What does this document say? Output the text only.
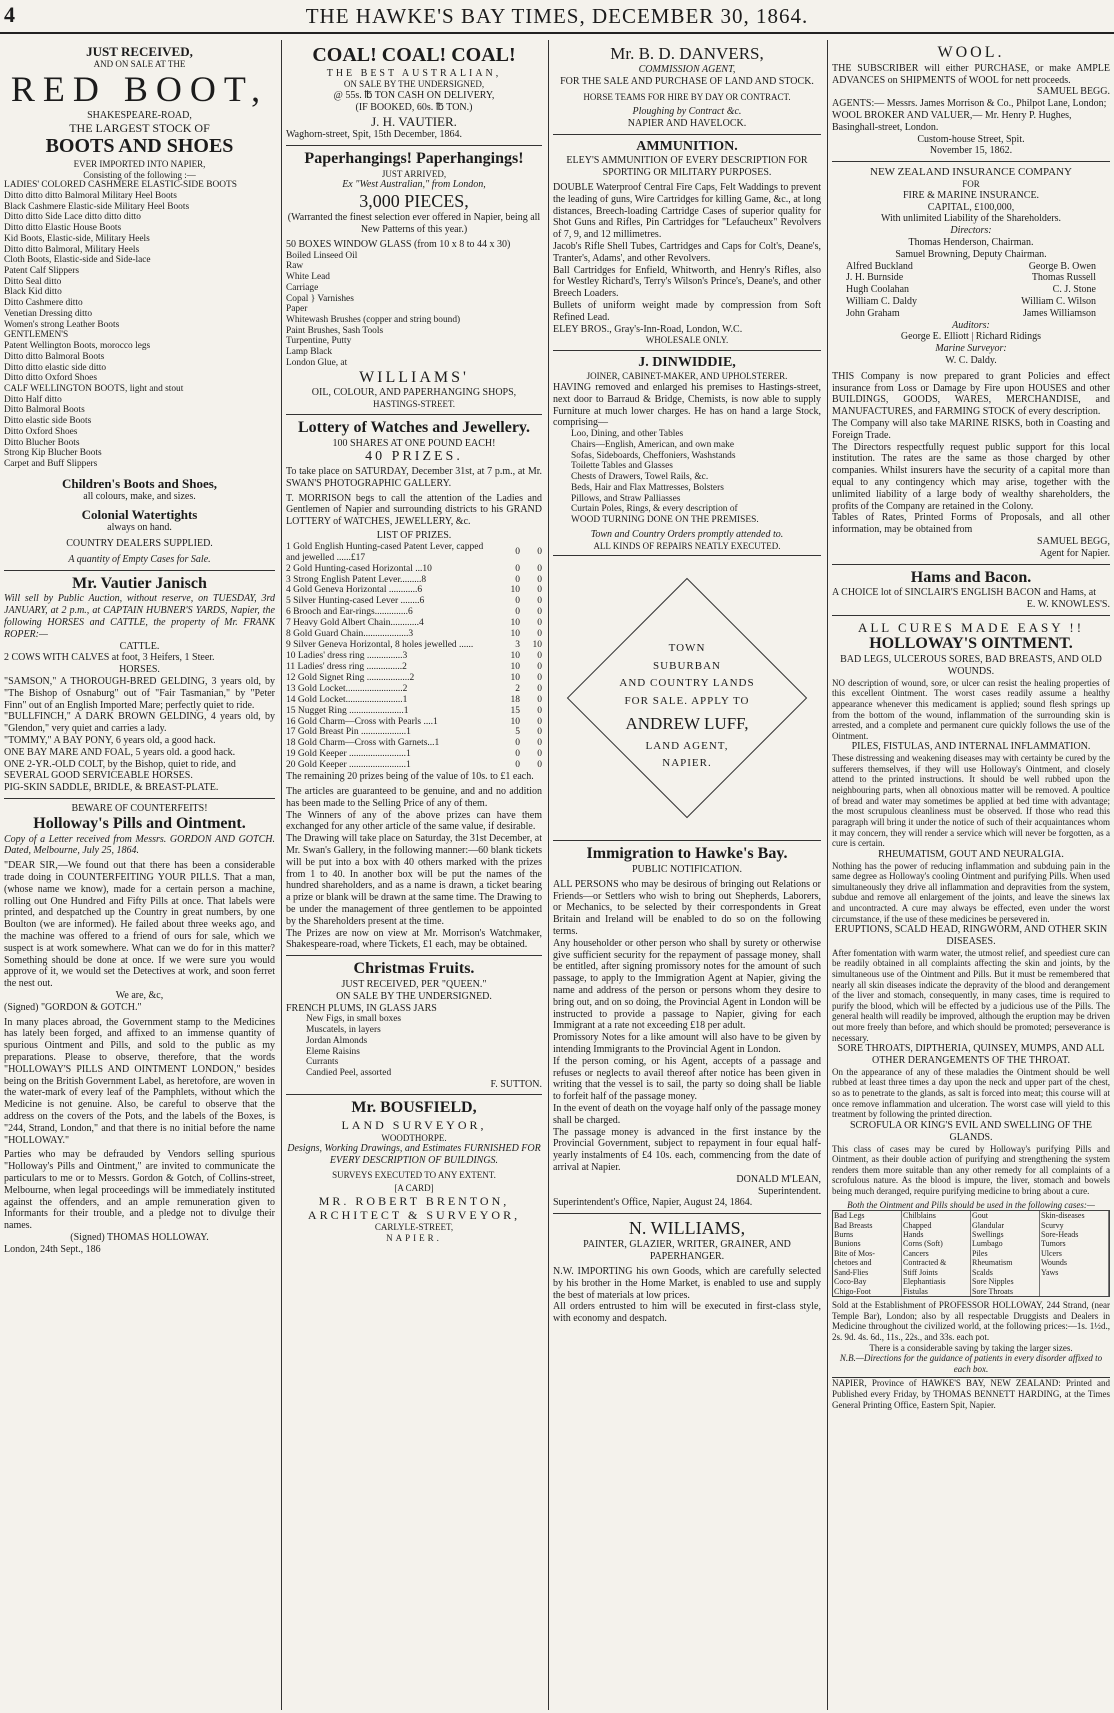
4	THE HAWKE'S BAY TIMES, DECEMBER 30, 1864.
JUST RECEIVED,
AND ON SALE AT THE
RED BOOT,
SHAKESPEARE-ROAD,
THE LARGEST STOCK OF
BOOTS AND SHOES
EVER IMPORTED INTO NAPIER,
Consisting of the following :—
LADIES' COLORED CASHMERE ELASTIC-SIDE BOOTS
Ditto ditto ditto Balmoral Military Heel Boots
Black Cashmere Elastic-side Military Heel Boots
Ditto ditto Side Lace ditto ditto ditto
Ditto ditto Elastic House Boots
Kid Boots, Elastic-side, Military Heels
Ditto ditto Balmoral, Military Heels
Cloth Boots, Elastic-side and Side-lace
Patent Calf Slippers
Ditto Seal ditto
Black Kid ditto
Ditto Cashmere ditto
Venetian Dressing ditto
Women's strong Leather Boots
GENTLEMEN'S
Patent Wellington Boots, morocco legs
Ditto ditto Balmoral Boots
Ditto ditto elastic side ditto
Ditto ditto Oxford Shoes
CALF WELLINGTON BOOTS, light and stout
Ditto Half ditto
Ditto Balmoral Boots
Ditto elastic side Boots
Ditto Oxford Shoes
Ditto Blucher Boots
Strong Kip Blucher Boots
Carpet and Buff Slippers
Children's Boots and Shoes,
all colours, make, and sizes.
Colonial Watertights
always on hand.
COUNTRY DEALERS SUPPLIED.
A quantity of Empty Cases for Sale.
Mr. Vautier Janisch
Will sell by Public Auction, without reserve, on TUESDAY, 3rd JANUARY, at 2 p.m., at CAPTAIN HUBNER'S YARDS, Napier, the following HORSES and CATTLE, the property of Mr. FRANK ROPER:—
CATTLE.
2 COWS WITH CALVES at foot, 3 Heifers, 1 Steer.
HORSES.
"SAMSON," A THOROUGH-BRED GELDING, 3 years old, by "The Bishop of Osnaburg" out of "Fair Tasmanian," by "Peter Finn" out of an English Imported Mare; perfectly quiet to ride.
"BULLFINCH," A DARK BROWN GELDING, 4 years old, by "Glendon," very quiet and carries a lady.
"TOMMY," A BAY PONY, 6 years old, a good hack.
ONE BAY MARE AND FOAL, 5 years old. a good hack.
ONE 2-YR.-OLD COLT, by the Bishop, quiet to ride, and
SEVERAL GOOD SERVICEABLE HORSES.
PIG-SKIN SADDLE, BRIDLE, & BREAST-PLATE.
BEWARE OF COUNTERFEITS!
Holloway's Pills and Ointment.
Copy of a Letter received from Messrs. GORDON AND GOTCH. Dated, Melbourne, July 25, 1864.
"DEAR SIR,—We found out that there has been a considerable trade doing in COUNTERFEITING YOUR PILLS. That a man, (whose name we know), made for a certain person a machine, rolling out One Hundred and Fifty Pills at once. That labels were printed, and despatched up the Country in great numbers, by one Boulton (we are informed). He failed about three weeks ago, and the machine was offered to a friend of ours for sale, which we suspect is at work somewhere. What can we do for in this matter? Something should be done at once. If we were sure you would approve of it, we would set the Detectives at work, and soon ferret the nest out.
We are, &c,
(Signed) "GORDON & GOTCH."
In many places abroad, the Government stamp to the Medicines has lately been forged, and affixed to an immense quantity of spurious Ointment and Pills, and sold to the public as my preparations. Please to observe, therefore, that the words "HOLLOWAY'S PILLS AND OINTMENT LONDON," besides being on the British Government Label, as heretofore, are woven in the water-mark of every leaf of the Pamphlets, without which the Medicine is not genuine. Also, be careful to observe that the address on the covers of the Pots, and the labels of the Boxes, is "244, Strand, London," and that there is no initial before the name "HOLLOWAY."
Parties who may be defrauded by Vendors selling spurious "Holloway's Pills and Ointment," are invited to communicate the particulars to me or to Messrs. Gordon & Gotch, of Collins-street, Melbourne, when legal proceedings will be immediately instituted against the offenders, and an ample remuneration given to Informants for their trouble, and a pledge not to divulge their names.
(Signed) THOMAS HOLLOWAY.
London, 24th Sept., 186
COAL! COAL! COAL!
THE BEST AUSTRALIAN,
ON SALE BY THE UNDERSIGNED,
@ 55s. ℔ TON CASH ON DELIVERY,
(IF BOOKED, 60s. ℔ TON.)
J. H. VAUTIER.
Waghorn-street, Spit, 15th December, 1864.
Paperhangings! Paperhangings!
JUST ARRIVED,
Ex "West Australian," from London,
3,000 PIECES,
(Warranted the finest selection ever offered in Napier, being all New Patterns of this year.)
50 BOXES WINDOW GLASS (from 10 x 8 to 44 x 30)
Boiled Linseed Oil
Raw
White Lead
Carriage
Copal } Varnishes
Paper
Whitewash Brushes (copper and string bound)
Paint Brushes, Sash Tools
Turpentine, Putty
Lamp Black
London Glue, at
WILLIAMS'
OIL, COLOUR, AND PAPERHANGING SHOPS,
HASTINGS-STREET.
Lottery of Watches and Jewellery.
100 SHARES AT ONE POUND EACH!
40 PRIZES.
To take place on SATURDAY, December 31st, at 7 p.m., at Mr. SWAN'S PHOTOGRAPHIC GALLERY.
T. MORRISON begs to call the attention of the Ladies and Gentlemen of Napier and surrounding districts to his GRAND LOTTERY of WATCHES, JEWELLERY, &c.
LIST OF PRIZES.
1 Gold English Hunting-cased Patent Lever, capped and jewelled ......£17	0	0
2 Gold Hunting-cased Horizontal ...10	0	0
3 Strong English Patent Lever.........8	0	0
4 Gold Geneva Horizontal ............6	10	0
5 Silver Hunting-cased Lever ........6	0	0
6 Brooch and Ear-rings..............6	0	0
7 Heavy Gold Albert Chain............4	10	0
8 Gold Guard Chain...................3	10	0
9 Silver Geneva Horizontal, 8 holes jewelled ......	3	10
10 Ladies' dress ring ...............3	10	0
11 Ladies' dress ring ...............2	10	0
12 Gold Signet Ring ..................2	10	0
13 Gold Locket........................2	2	0
14 Gold Locket........................1	18	0
15 Nugget Ring .......................1	15	0
16 Gold Charm—Cross with Pearls ....1	10	0
17 Gold Breast Pin ...................1	5	0
18 Gold Charm—Cross with Garnets...1	0	0
19 Gold Keeper ........................1	0	0
20 Gold Keeper ........................1	0	0
The remaining 20 prizes being of the value of 10s. to £1 each.
The articles are guaranteed to be genuine, and and no addition has been made to the Selling Price of any of them.
The Winners of any of the above prizes can have them exchanged for any other article of the same value, if desirable.
The Drawing will take place on Saturday, the 31st December, at Mr. Swan's Gallery, in the following manner:—60 blank tickets will be put into a box with 40 others marked with the prizes from 1 to 40. In another box will be put the names of the hundred shareholders, and as a name is drawn, a ticket bearing a prize or blank will be drawn at the same time. The Drawing to be under the management of three gentlemen to be appointed by the Shareholders present at the time.
The Prizes are now on view at Mr. Morrison's Watchmaker, Shakespeare-road, where Tickets, £1 each, may be obtained.
Christmas Fruits.
JUST RECEIVED, PER "QUEEN."
ON SALE BY THE UNDERSIGNED.
FRENCH PLUMS, IN GLASS JARS
New Figs, in small boxes
Muscatels, in layers
Jordan Almonds
Eleme Raisins
Currants
Candied Peel, assorted
F. SUTTON.
Mr. BOUSFIELD,
LAND SURVEYOR,
WOODTHORPE.
Designs, Working Drawings, and Estimates FURNISHED FOR EVERY DESCRIPTION OF BUILDINGS.
SURVEYS EXECUTED TO ANY EXTENT.
[A CARD]
MR. ROBERT BRENTON,
ARCHITECT & SURVEYOR,
CARLYLE-STREET,
NAPIER.
Mr. B. D. DANVERS,
COMMISSION AGENT,
FOR THE SALE AND PURCHASE OF LAND AND STOCK.
HORSE TEAMS FOR HIRE BY DAY OR CONTRACT.
Ploughing by Contract &c.
NAPIER AND HAVELOCK.
AMMUNITION.
ELEY'S AMMUNITION OF EVERY DESCRIPTION FOR SPORTING OR MILITARY PURPOSES.
DOUBLE Waterproof Central Fire Caps, Felt Waddings to prevent the leading of guns, Wire Cartridges for killing Game, &c., at long distances, Breech-loading Cartridge Cases of superior quality for Shot Guns and Rifles, Pin Cartridges for "Lefaucheux" Revolvers of 7, 9, and 12 millimetres.
Jacob's Rifle Shell Tubes, Cartridges and Caps for Colt's, Deane's, Tranter's, Adams', and other Revolvers.
Ball Cartridges for Enfield, Whitworth, and Henry's Rifles, also for Westley Richard's, Terry's Wilson's Prince's, Deane's, and other Breech Loaders.
Bullets of uniform weight made by compression from Soft Refined Lead.
ELEY BROS., Gray's-Inn-Road, London, W.C.
WHOLESALE ONLY.
J. DINWIDDIE,
JOINER, CABINET-MAKER, AND UPHOLSTERER.
HAVING removed and enlarged his premises to Hastings-street, next door to Barraud & Bridge, Chemists, is now able to supply Furniture at much lower charges. He has on hand a large Stock, comprising—
Loo, Dining, and other Tables
Chairs—English, American, and own make
Sofas, Sideboards, Cheffoniers, Washstands
Toilette Tables and Glasses
Chests of Drawers, Towel Rails, &c.
Beds, Hair and Flax Mattresses, Bolsters
Pillows, and Straw Palliasses
Curtain Poles, Rings, & every description of
WOOD TURNING DONE ON THE PREMISES.
Town and Country Orders promptly attended to.
ALL KINDS OF REPAIRS NEATLY EXECUTED.
TOWN
SUBURBAN
AND COUNTRY LANDS
FOR SALE. APPLY TO
ANDREW LUFF,
LAND AGENT,
NAPIER.
Immigration to Hawke's Bay.
PUBLIC NOTIFICATION.
ALL PERSONS who may be desirous of bringing out Relations or Friends—or Settlers who wish to bring out Shepherds, Laborers, or Mechanics, to be selected by their correspondents in Great Britain and Ireland will be enabled to do so on the following terms.
Any householder or other person who shall by surety or otherwise give sufficient security for the repayment of passage money, shall be entitled, after signing promissory notes for the amount of such passage, to apply to the Immigration Agent at Napier, giving the name and address of the person or persons whom they desire to bring out, and on so doing, the Provincial Agent in London will be instructed to provide a passage to Napier, giving for each Immigrant at a rate not exceeding £18 per adult.
Promissory Notes for a like amount will also have to be given by intending Immigrants to the Provincial Agent in London.
If the person coming, or his Agent, accepts of a passage and refuses or neglects to avail thereof after notice has been given in writing that the vessel is to sail, the party so doing shall be liable to forfeit half of the passage money.
In the event of death on the voyage half only of the passage money shall be charged.
The passage money is advanced in the first instance by the Provincial Government, subject to repayment in four equal half-yearly instalments of £4 10s. each, commencing from the date of arrival at Napier.
DONALD M'LEAN,
Superintendent.
Superintendent's Office, Napier, August 24, 1864.
N. WILLIAMS,
PAINTER, GLAZIER, WRITER, GRAINER, AND PAPERHANGER.
N.W. IMPORTING his own Goods, which are carefully selected by his brother in the Home Market, is enabled to use and supply the best of materials at low prices.
All orders entrusted to him will be executed in first-class style, with economy and despatch.
WOOL.
THE SUBSCRIBER will either PURCHASE, or make AMPLE ADVANCES on SHIPMENTS of WOOL for nett proceeds.
SAMUEL BEGG.
AGENTS:— Messrs. James Morrison & Co., Philpot Lane, London;
WOOL BROKER AND VALUER,— Mr. Henry P. Hughes, Basinghall-street, London.
Custom-house Street, Spit.
November 15, 1862.
NEW ZEALAND INSURANCE COMPANY
FOR
FIRE & MARINE INSURANCE.
CAPITAL, £100,000,
With unlimited Liability of the Shareholders.
Directors:
Thomas Henderson, Chairman.
Samuel Browning, Deputy Chairman.
Alfred Buckland	George B. Owen
J. H. Burnside	Thomas Russell
Hugh Coolahan	C. J. Stone
William C. Daldy	William C. Wilson
John Graham	James Williamson
Auditors:
George E. Elliott | Richard Ridings
Marine Surveyor:
W. C. Daldy.
THIS Company is now prepared to grant Policies and effect insurance from Loss or Damage by Fire upon HOUSES and other BUILDINGS, GOODS, WARES, MERCHANDISE, and MANUFACTURES, and FARMING STOCK of every description.
The Company will also take MARINE RISKS, both in Coasting and Foreign Trade.
The Directors respectfully request public support for this local institution. The rates are the same as those charged by other companies. Whilst insurers have the security of a capital more than equal to any contingency which may arise, together with the unlimited liability of a large body of wealthy shareholders, the profits of the Company are retained in the Colony.
Tables of Rates, Printed Forms of Proposals, and all other information, may be obtained from
SAMUEL BEGG,
Agent for Napier.
Hams and Bacon.
A CHOICE lot of SINCLAIR'S ENGLISH BACON and Hams, at
E. W. KNOWLES'S.
ALL CURES MADE EASY !!
HOLLOWAY'S OINTMENT.
BAD LEGS, ULCEROUS SORES, BAD BREASTS, AND OLD WOUNDS.
NO description of wound, sore, or ulcer can resist the healing properties of this excellent Ointment. The worst cases readily assume a healthy appearance whenever this medicament is applied; sound flesh springs up from the bottom of the wound, inflammation of the surrounding skin is arrested, and a complete and permanent cure quickly follows the use of the Ointment.
PILES, FISTULAS, AND INTERNAL INFLAMMATION.
These distressing and weakening diseases may with certainty be cured by the sufferers themselves, if they will use Holloway's Ointment, and closely attend to the printed instructions. It should be well rubbed upon the neighbouring parts, when all obnoxious matter will be removed. A poultice of bread and water may sometimes be applied at bed time with advantage; the most scrupulous cleanliness must be observed. If those who read this paragraph will bring it under the notice of such of their acquaintances whom it may concern, they will render a service which will never be forgotten, as a cure is certain.
RHEUMATISM, GOUT AND NEURALGIA.
Nothing has the power of reducing inflammation and subduing pain in the same degree as Holloway's cooling Ointment and purifying Pills. When used simultaneously they drive all inflammation and depravities from the system, subdue and remove all enlargement of the joints, and leave the sinews lax and uncontracted. A cure may always be effected, even under the worst circumstance, if the use of these medicines be persevered in.
ERUPTIONS, SCALD HEAD, RINGWORM, AND OTHER SKIN DISEASES.
After fomentation with warm water, the utmost relief, and speediest cure can be readily obtained in all complaints affecting the skin and joints, by the simultaneous use of the Ointment and Pills. But it must be remembered that nearly all skin diseases indicate the depravity of the blood and derangement of the liver and stomach, consequently, in many cases, time is required to purify the blood, which will be effected by a judicious use of the Pills. The general health will readily be improved, although the eruption may be driven out more freely than before, and which should be promoted; perseverance is necessary.
SORE THROATS, DIPTHERIA, QUINSEY, MUMPS, AND ALL OTHER DERANGEMENTS OF THE THROAT.
On the appearance of any of these maladies the Ointment should be well rubbed at least three times a day upon the neck and upper part of the chest, so as to penetrate to the glands, as salt is forced into meat; this course will at once remove inflammation and ulceration. The worst case will yield to this treatment by following the printed direction.
SCROFULA OR KING'S EVIL AND SWELLING OF THE GLANDS.
This class of cases may be cured by Holloway's purifying Pills and Ointment, as their double action of purifying and strengthening the system renders them more suitable than any other remedy for all complaints of a scrofulous nature. As the blood is impure, the liver, stomach and bowels being much deranged, require purifying medicine to bring about a cure.
Both the Ointment and Pills should be used in the following cases:—
Bad Legs	Chilblains	Gout	Skin-diseases
Bad Breasts	Chapped	Glandular	Scurvy
Burns	Hands	Swellings	Sore-Heads
Bunions	Corns (Soft)	Lumbago	Tumors
Bite of Mos-	Cancers	Piles	Ulcers
chetoes and	Contracted &	Rheumatism	Wounds
Sand-Flies	Stiff Joints	Scalds	Yaws
Coco-Bay	Elephantiasis	Sore Nipples
Chigo-Foot	Fistulas	Sore Throats
Sold at the Establishment of PROFESSOR HOLLOWAY, 244 Strand, (near Temple Bar), London; also by all respectable Druggists and Dealers in Medicine throughout the civilized world, at the following prices:—1s. 1½d., 2s. 9d. 4s. 6d., 11s., 22s., and 33s. each pot.
There is a considerable saving by taking the larger sizes.
N.B.—Directions for the guidance of patients in every disorder affixed to each box.
NAPIER, Province of HAWKE'S BAY, NEW ZEALAND: Printed and Published every Friday, by THOMAS BENNETT HARDING, at the Times General Printing Office, Eastern Spit, Napier.
